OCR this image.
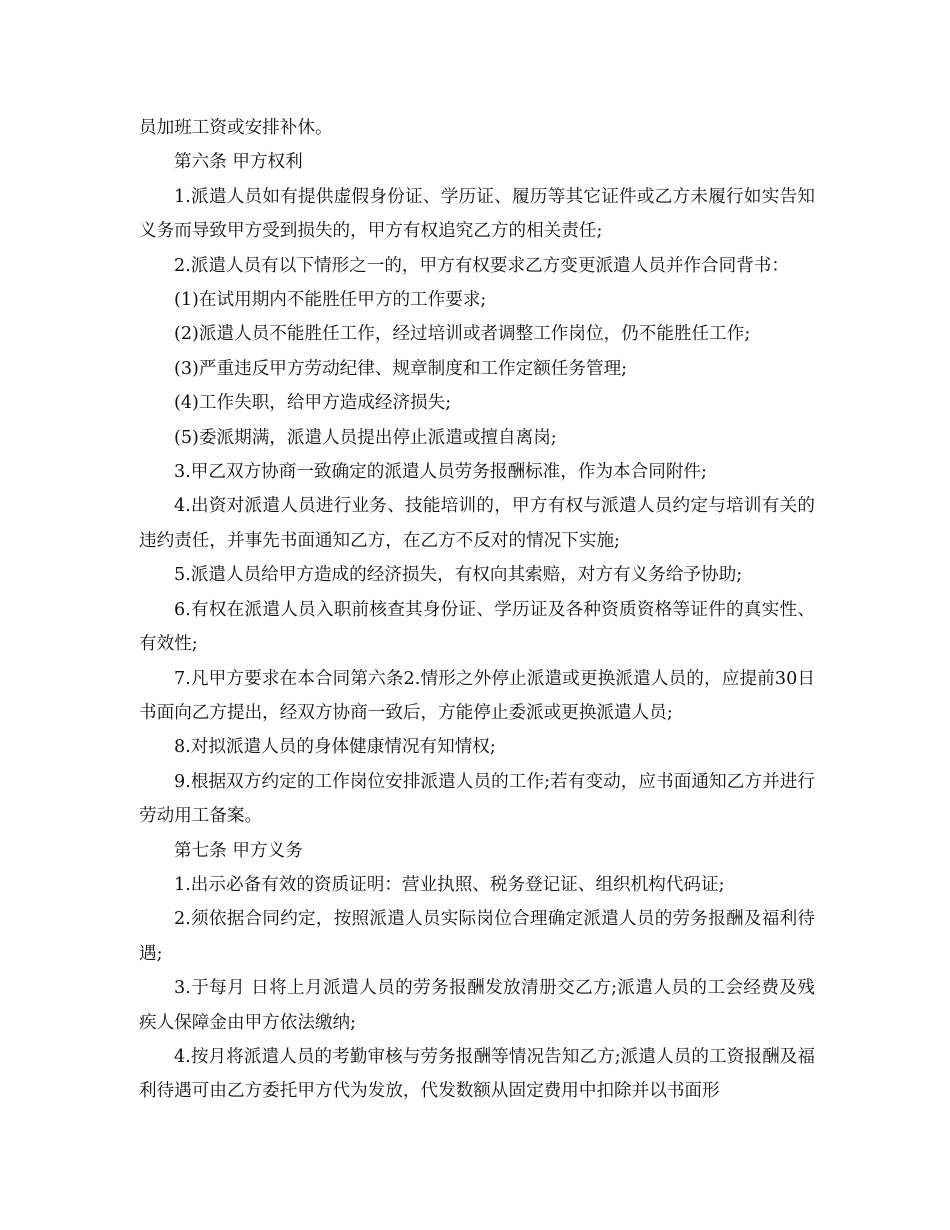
员加班工资或安排补休。

第六条 甲方权利

1.派遣人员如有提供虚假身份证、学历证、履历等其它证件或乙方未履行如实告知义务而导致甲方受到损失的，甲方有权追究乙方的相关责任;

2.派遣人员有以下情形之一的，甲方有权要求乙方变更派遣人员并作合同背书：

(1)在试用期内不能胜任甲方的工作要求;

(2)派遣人员不能胜任工作，经过培训或者调整工作岗位，仍不能胜任工作;

(3)严重违反甲方劳动纪律、规章制度和工作定额任务管理;

(4)工作失职，给甲方造成经济损失;

(5)委派期满，派遣人员提出停止派遣或擅自离岗;

3.甲乙双方协商一致确定的派遣人员劳务报酬标准，作为本合同附件;

4.出资对派遣人员进行业务、技能培训的，甲方有权与派遣人员约定与培训有关的违约责任，并事先书面通知乙方，在乙方不反对的情况下实施;

5.派遣人员给甲方造成的经济损失，有权向其索赔，对方有义务给予协助;

6.有权在派遣人员入职前核查其身份证、学历证及各种资质资格等证件的真实性、有效性;

7.凡甲方要求在本合同第六条2.情形之外停止派遣或更换派遣人员的，应提前30日书面向乙方提出，经双方协商一致后，方能停止委派或更换派遣人员;

8.对拟派遣人员的身体健康情况有知情权;

9.根据双方约定的工作岗位安排派遣人员的工作;若有变动，应书面通知乙方并进行劳动用工备案。

第七条 甲方义务

1.出示必备有效的资质证明：营业执照、税务登记证、组织机构代码证;

2.须依据合同约定，按照派遣人员实际岗位合理确定派遣人员的劳务报酬及福利待遇;

3.于每月 日将上月派遣人员的劳务报酬发放清册交乙方;派遣人员的工会经费及残疾人保障金由甲方依法缴纳;

4.按月将派遣人员的考勤审核与劳务报酬等情况告知乙方;派遣人员的工资报酬及福利待遇可由乙方委托甲方代为发放，代发数额从固定费用中扣除并以书面形
